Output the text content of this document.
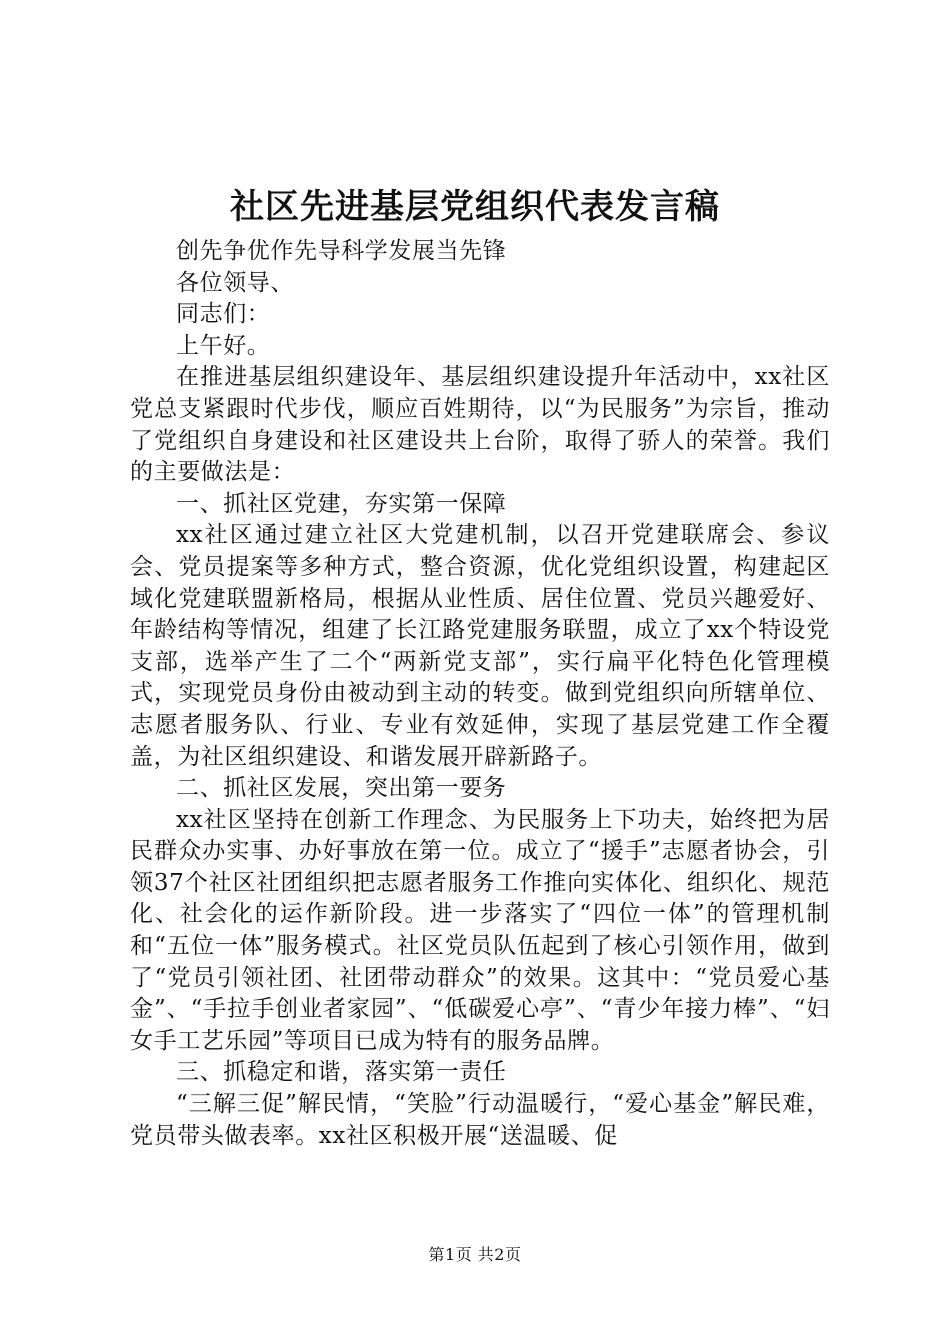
社区先进基层党组织代表发言稿

创先争优作先导科学发展当先锋

各位领导、

同志们：

上午好。

在推进基层组织建设年、基层组织建设提升年活动中，xx社区党总支紧跟时代步伐，顺应百姓期待，以“为民服务”为宗旨，推动了党组织自身建设和社区建设共上台阶，取得了骄人的荣誉。我们的主要做法是：

一、抓社区党建，夯实第一保障

xx社区通过建立社区大党建机制，以召开党建联席会、参议会、党员提案等多种方式，整合资源，优化党组织设置，构建起区域化党建联盟新格局，根据从业性质、居住位置、党员兴趣爱好、年龄结构等情况，组建了长江路党建服务联盟，成立了xx个特设党支部，选举产生了二个“两新党支部”，实行扁平化特色化管理模式，实现党员身份由被动到主动的转变。做到党组织向所辖单位、志愿者服务队、行业、专业有效延伸，实现了基层党建工作全覆盖，为社区组织建设、和谐发展开辟新路子。

二、抓社区发展，突出第一要务

xx社区坚持在创新工作理念、为民服务上下功夫，始终把为居民群众办实事、办好事放在第一位。成立了“援手”志愿者协会，引领37个社区社团组织把志愿者服务工作推向实体化、组织化、规范化、社会化的运作新阶段。进一步落实了“四位一体”的管理机制和“五位一体”服务模式。社区党员队伍起到了核心引领作用，做到了“党员引领社团、社团带动群众”的效果。这其中：“党员爱心基金”、“手拉手创业者家园”、“低碳爱心亭”、“青少年接力棒”、“妇女手工艺乐园”等项目已成为特有的服务品牌。

三、抓稳定和谐，落实第一责任

“三解三促”解民情，“笑脸”行动温暖行，“爱心基金”解民难，党员带头做表率。xx社区积极开展“送温暖、促

第1页 共2页
